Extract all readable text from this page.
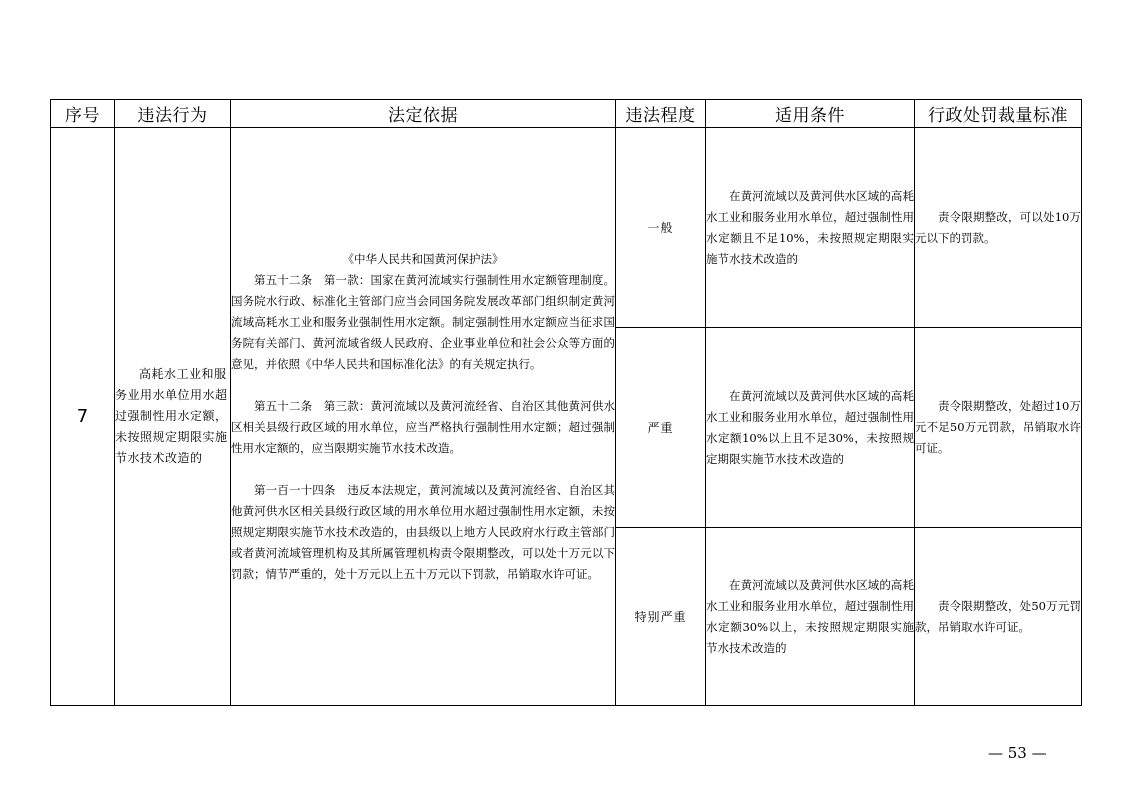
序号	违法行为	法定依据	违法程度	适用条件	行政处罚裁量标准
7	高耗水工业和服务业用水单位用水超过强制性用水定额，未按照规定期限实施节水技术改造的	《中华人民共和国黄河保护法》
第五十二条　第一款：国家在黄河流域实行强制性用水定额管理制度。国务院水行政、标准化主管部门应当会同国务院发展改革部门组织制定黄河流域高耗水工业和服务业强制性用水定额。制定强制性用水定额应当征求国务院有关部门、黄河流域省级人民政府、企业事业单位和社会公众等方面的意见，并依照《中华人民共和国标准化法》的有关规定执行。
第五十二条　第三款：黄河流域以及黄河流经省、自治区其他黄河供水区相关县级行政区域的用水单位，应当严格执行强制性用水定额；超过强制性用水定额的，应当限期实施节水技术改造。
第一百一十四条　违反本法规定，黄河流域以及黄河流经省、自治区其他黄河供水区相关县级行政区域的用水单位用水超过强制性用水定额，未按照规定期限实施节水技术改造的，由县级以上地方人民政府水行政主管部门或者黄河流域管理机构及其所属管理机构责令限期整改，可以处十万元以下罚款；情节严重的，处十万元以上五十万元以下罚款，吊销取水许可证。	一般	在黄河流域以及黄河供水区域的高耗水工业和服务业用水单位，超过强制性用水定额且不足10%，未按照规定期限实施节水技术改造的	责令限期整改，可以处10万元以下的罚款。

			严重	在黄河流域以及黄河供水区域的高耗水工业和服务业用水单位，超过强制性用水定额10%以上且不足30%，未按照规定期限实施节水技术改造的	责令限期整改，处超过10万元不足50万元罚款，吊销取水许可证。

			特别严重	在黄河流域以及黄河供水区域的高耗水工业和服务业用水单位，超过强制性用水定额30%以上，未按照规定期限实施节水技术改造的	责令限期整改，处50万元罚款，吊销取水许可证。
— 53 —
